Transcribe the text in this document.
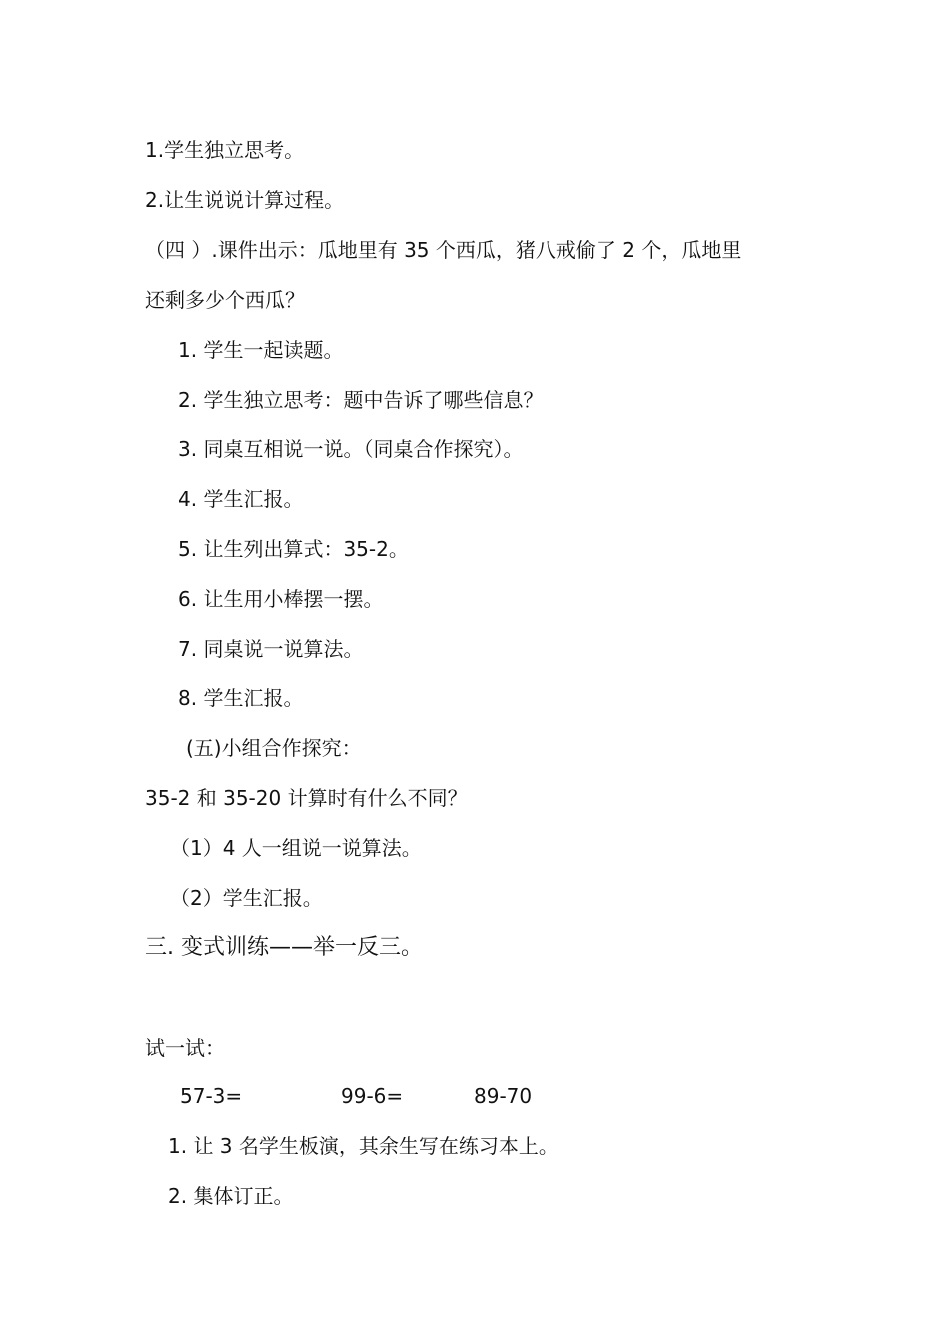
1.学生独立思考。
2.让生说说计算过程。
（四 ）.课件出示：瓜地里有 35 个西瓜，猪八戒偷了 2 个，瓜地里
还剩多少个西瓜？
1. 学生一起读题。
2. 学生独立思考：题中告诉了哪些信息？
3. 同桌互相说一说。（同桌合作探究）。
4. 学生汇报。
5. 让生列出算式：35-2。
6. 让生用小棒摆一摆。
7. 同桌说一说算法。
8. 学生汇报。
(五)小组合作探究：
35-2 和 35-20 计算时有什么不同？
（1）4 人一组说一说算法。
（2）学生汇报。
三. 变式训练——举一反三。
试一试：
57-3=	99-6=	89-70
1. 让 3 名学生板演，其余生写在练习本上。
2. 集体订正。
